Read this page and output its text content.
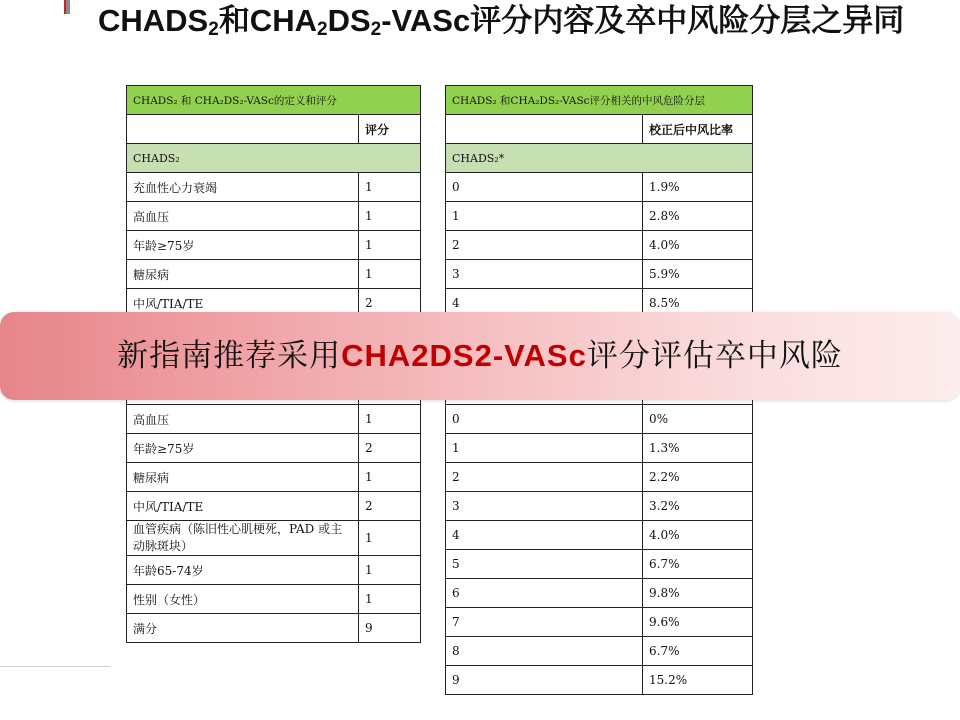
$CHADS_2$和$CHA_2DS_2$-VASc评分内容及卒中风险分层之异同
CHADS₂ 和 CHA₂DS₂-VASc的定义和评分	
	评分
CHADS₂	
充血性心力衰竭	1
高血压	1
年龄≥75岁	1
糖尿病	1
中风/TIA/TE	2

高血压	1
年龄≥75岁	2
糖尿病	1
中风/TIA/TE	2
血管疾病（陈旧性心肌梗死，PAD 或主动脉斑块）	1
年龄65-74岁	1
性别（女性）	1
满分	9
CHADS₂ 和CHA₂DS₂-VASc评分相关的中风危险分层	
	校正后中风比率
CHADS₂*	
0	1.9%
1	2.8%
2	4.0%
3	5.9%
4	8.5%

0	0%
1	1.3%
2	2.2%
3	3.2%
4	4.0%
5	6.7%
6	9.8%
7	9.6%
8	6.7%
9	15.2%
新指南推荐采用CHA2DS2-VASc评分评估卒中风险
